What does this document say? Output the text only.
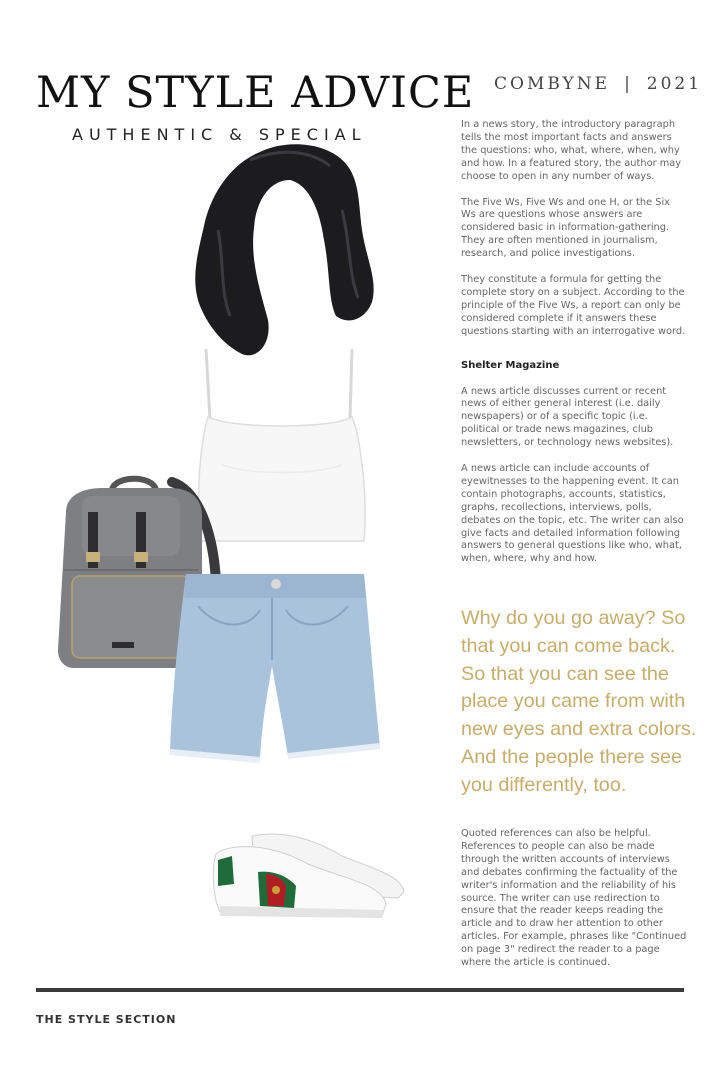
MY STYLE ADVICE
AUTHENTIC & SPECIAL
COMBYNE | 2021

In a news story, the introductory paragraph tells the most important facts and answers the questions: who, what, where, when, why and how. In a featured story, the author may choose to open in any number of ways.

The Five Ws, Five Ws and one H, or the Six Ws are questions whose answers are considered basic in information-gathering. They are often mentioned in journalism, research, and police investigations.

They constitute a formula for getting the complete story on a subject. According to the principle of the Five Ws, a report can only be considered complete if it answers these questions starting with an interrogative word.

Shelter Magazine

A news article discusses current or recent news of either general interest (i.e. daily newspapers) or of a specific topic (i.e. political or trade news magazines, club newsletters, or technology news websites).

A news article can include accounts of eyewitnesses to the happening event. It can contain photographs, accounts, statistics, graphs, recollections, interviews, polls, debates on the topic, etc. The writer can also give facts and detailed information following answers to general questions like who, what, when, where, why and how.

Why do you go away? So that you can come back. So that you can see the place you came from with new eyes and extra colors. And the people there see you differently, too.

Quoted references can also be helpful. References to people can also be made through the written accounts of interviews and debates confirming the factuality of the writer's information and the reliability of his source. The writer can use redirection to ensure that the reader keeps reading the article and to draw her attention to other articles. For example, phrases like "Continued on page 3" redirect the reader to a page where the article is continued.

THE STYLE SECTION
